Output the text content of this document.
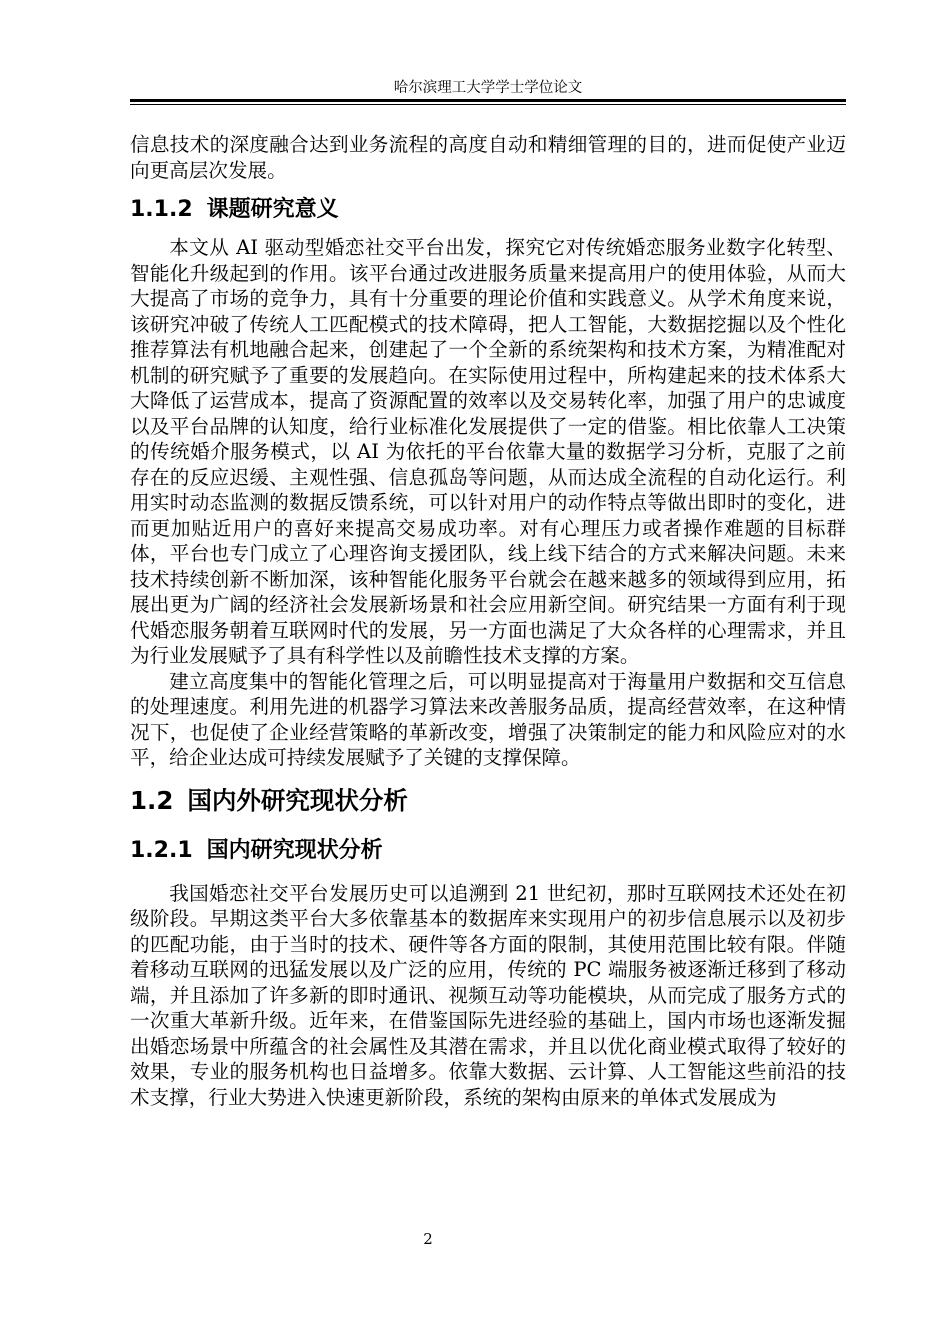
哈尔滨理工大学学士学位论文

信息技术的深度融合达到业务流程的高度自动和精细管理的目的，进而促使产业迈向更高层次发展。

1.1.2 课题研究意义

本文从 AI 驱动型婚恋社交平台出发，探究它对传统婚恋服务业数字化转型、智能化升级起到的作用。该平台通过改进服务质量来提高用户的使用体验，从而大大提高了市场的竞争力，具有十分重要的理论价值和实践意义。从学术角度来说，该研究冲破了传统人工匹配模式的技术障碍，把人工智能，大数据挖掘以及个性化推荐算法有机地融合起来，创建起了一个全新的系统架构和技术方案，为精准配对机制的研究赋予了重要的发展趋向。在实际使用过程中，所构建起来的技术体系大大降低了运营成本，提高了资源配置的效率以及交易转化率，加强了用户的忠诚度以及平台品牌的认知度，给行业标准化发展提供了一定的借鉴。相比依靠人工决策的传统婚介服务模式，以 AI 为依托的平台依靠大量的数据学习分析，克服了之前存在的反应迟缓、主观性强、信息孤岛等问题，从而达成全流程的自动化运行。利用实时动态监测的数据反馈系统，可以针对用户的动作特点等做出即时的变化，进而更加贴近用户的喜好来提高交易成功率。对有心理压力或者操作难题的目标群体，平台也专门成立了心理咨询支援团队，线上线下结合的方式来解决问题。未来技术持续创新不断加深，该种智能化服务平台就会在越来越多的领域得到应用，拓展出更为广阔的经济社会发展新场景和社会应用新空间。研究结果一方面有利于现代婚恋服务朝着互联网时代的发展，另一方面也满足了大众各样的心理需求，并且为行业发展赋予了具有科学性以及前瞻性技术支撑的方案。

建立高度集中的智能化管理之后，可以明显提高对于海量用户数据和交互信息的处理速度。利用先进的机器学习算法来改善服务品质，提高经营效率，在这种情况下，也促使了企业经营策略的革新改变，增强了决策制定的能力和风险应对的水平，给企业达成可持续发展赋予了关键的支撑保障。

1.2 国内外研究现状分析
1.2.1 国内研究现状分析

我国婚恋社交平台发展历史可以追溯到 21 世纪初，那时互联网技术还处在初级阶段。早期这类平台大多依靠基本的数据库来实现用户的初步信息展示以及初步的匹配功能，由于当时的技术、硬件等各方面的限制，其使用范围比较有限。伴随着移动互联网的迅猛发展以及广泛的应用，传统的 PC 端服务被逐渐迁移到了移动端，并且添加了许多新的即时通讯、视频互动等功能模块，从而完成了服务方式的一次重大革新升级。近年来，在借鉴国际先进经验的基础上，国内市场也逐渐发掘出婚恋场景中所蕴含的社会属性及其潜在需求，并且以优化商业模式取得了较好的效果，专业的服务机构也日益增多。依靠大数据、云计算、人工智能这些前沿的技术支撑，行业大势进入快速更新阶段，系统的架构由原来的单体式发展成为

2
